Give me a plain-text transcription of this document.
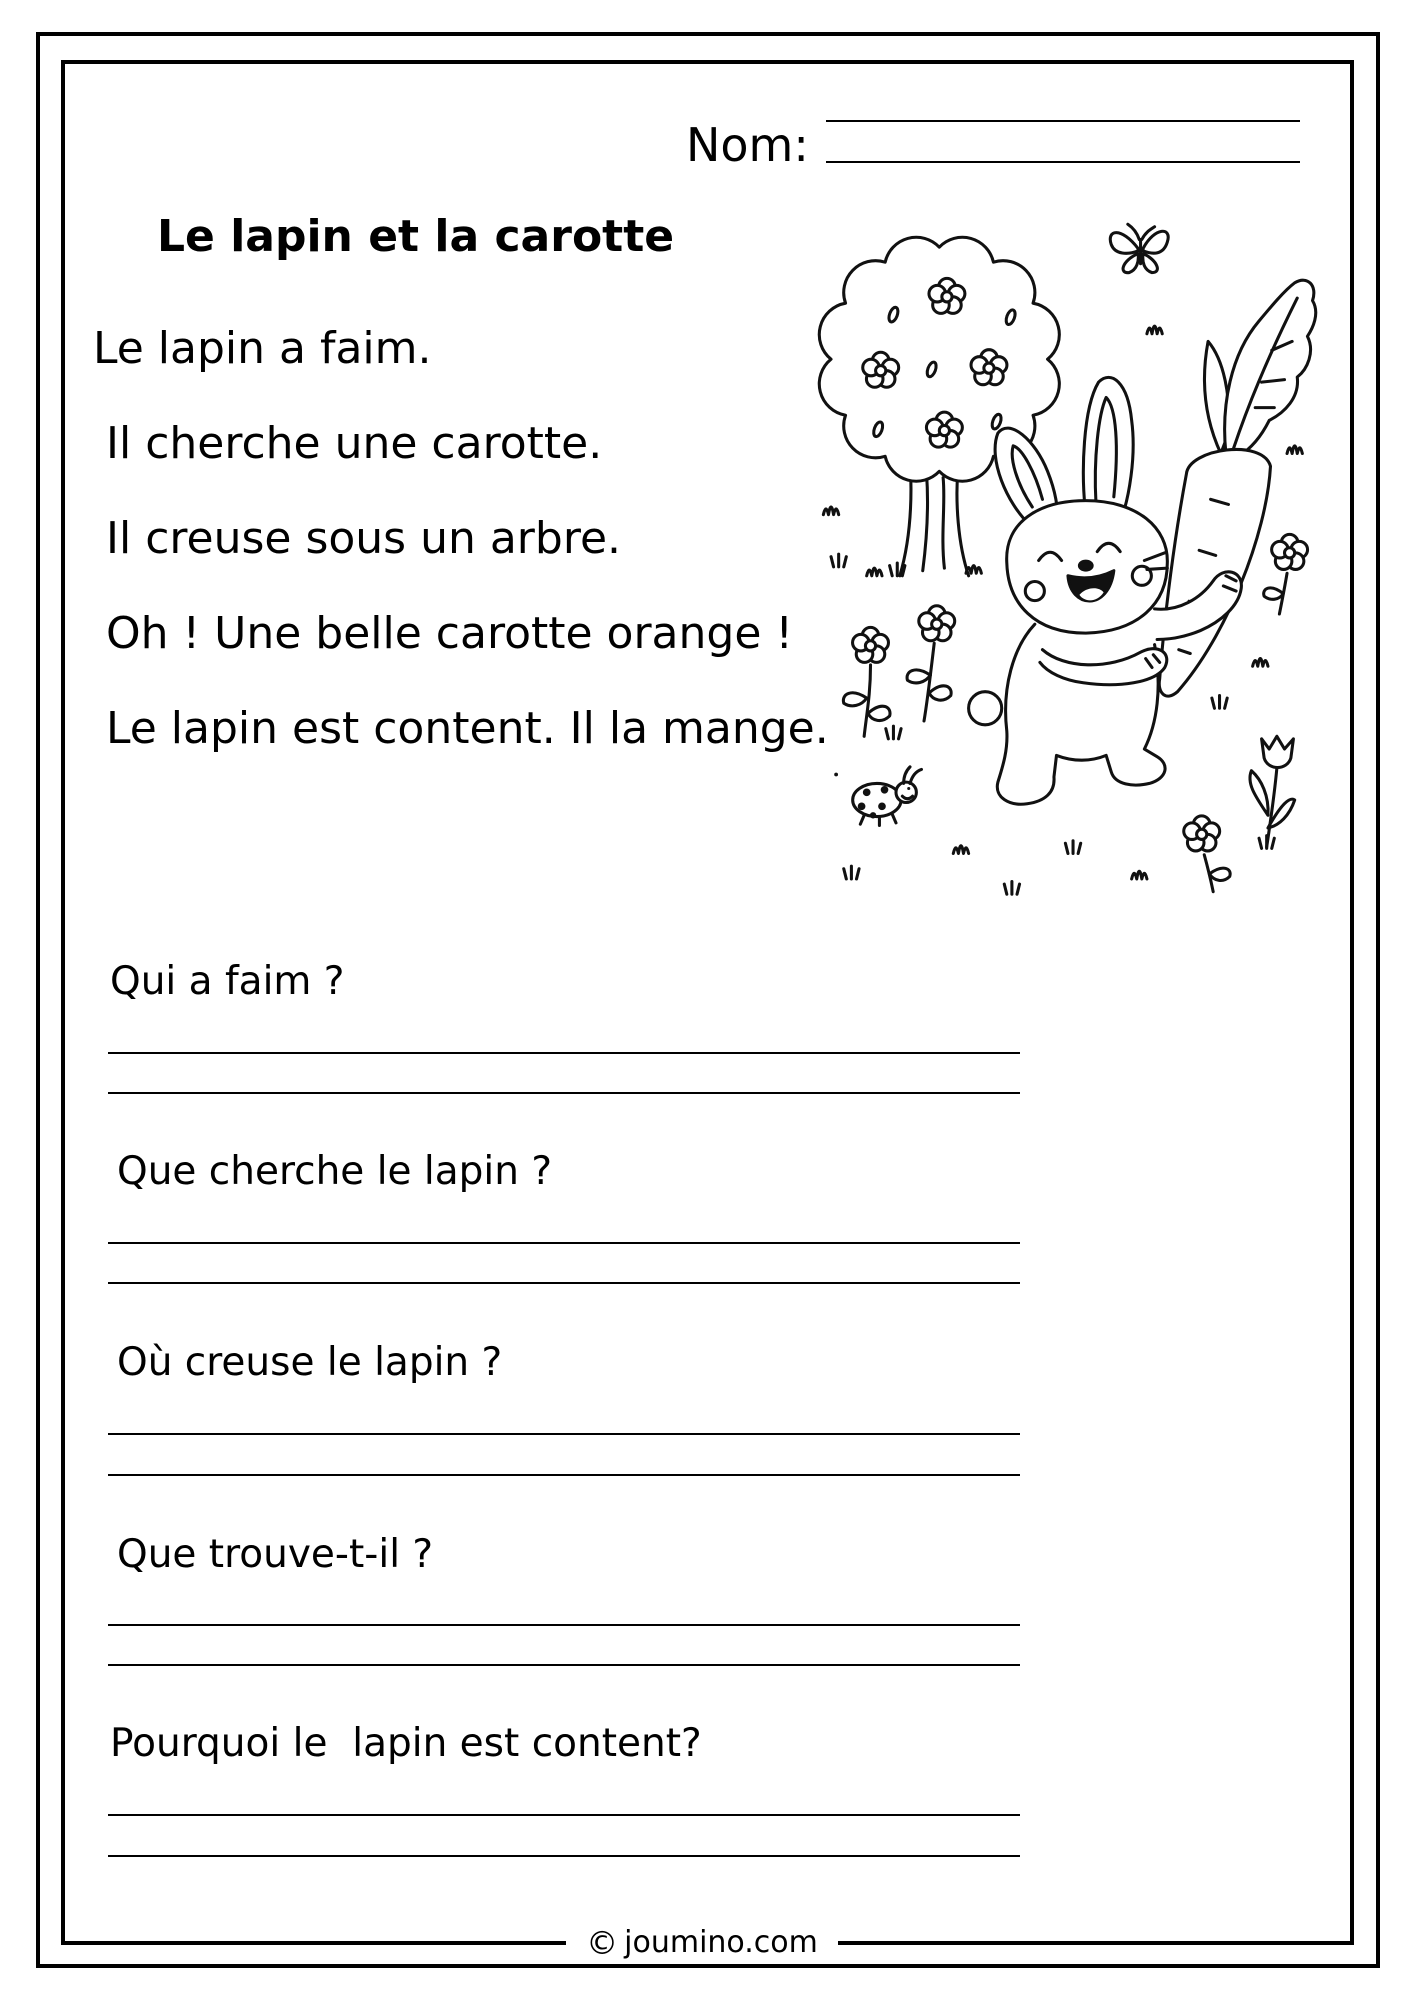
Nom:
Le lapin et la carotte
Le lapin a faim.
Il cherche une carotte.
Il creuse sous un arbre.
Oh ! Une belle carotte orange !
Le lapin est content. Il la mange.
Qui a faim ?
Que cherche le lapin ?
Où creuse le lapin ?
Que trouve-t-il ?
Pourquoi le  lapin est content?
© joumino.com
